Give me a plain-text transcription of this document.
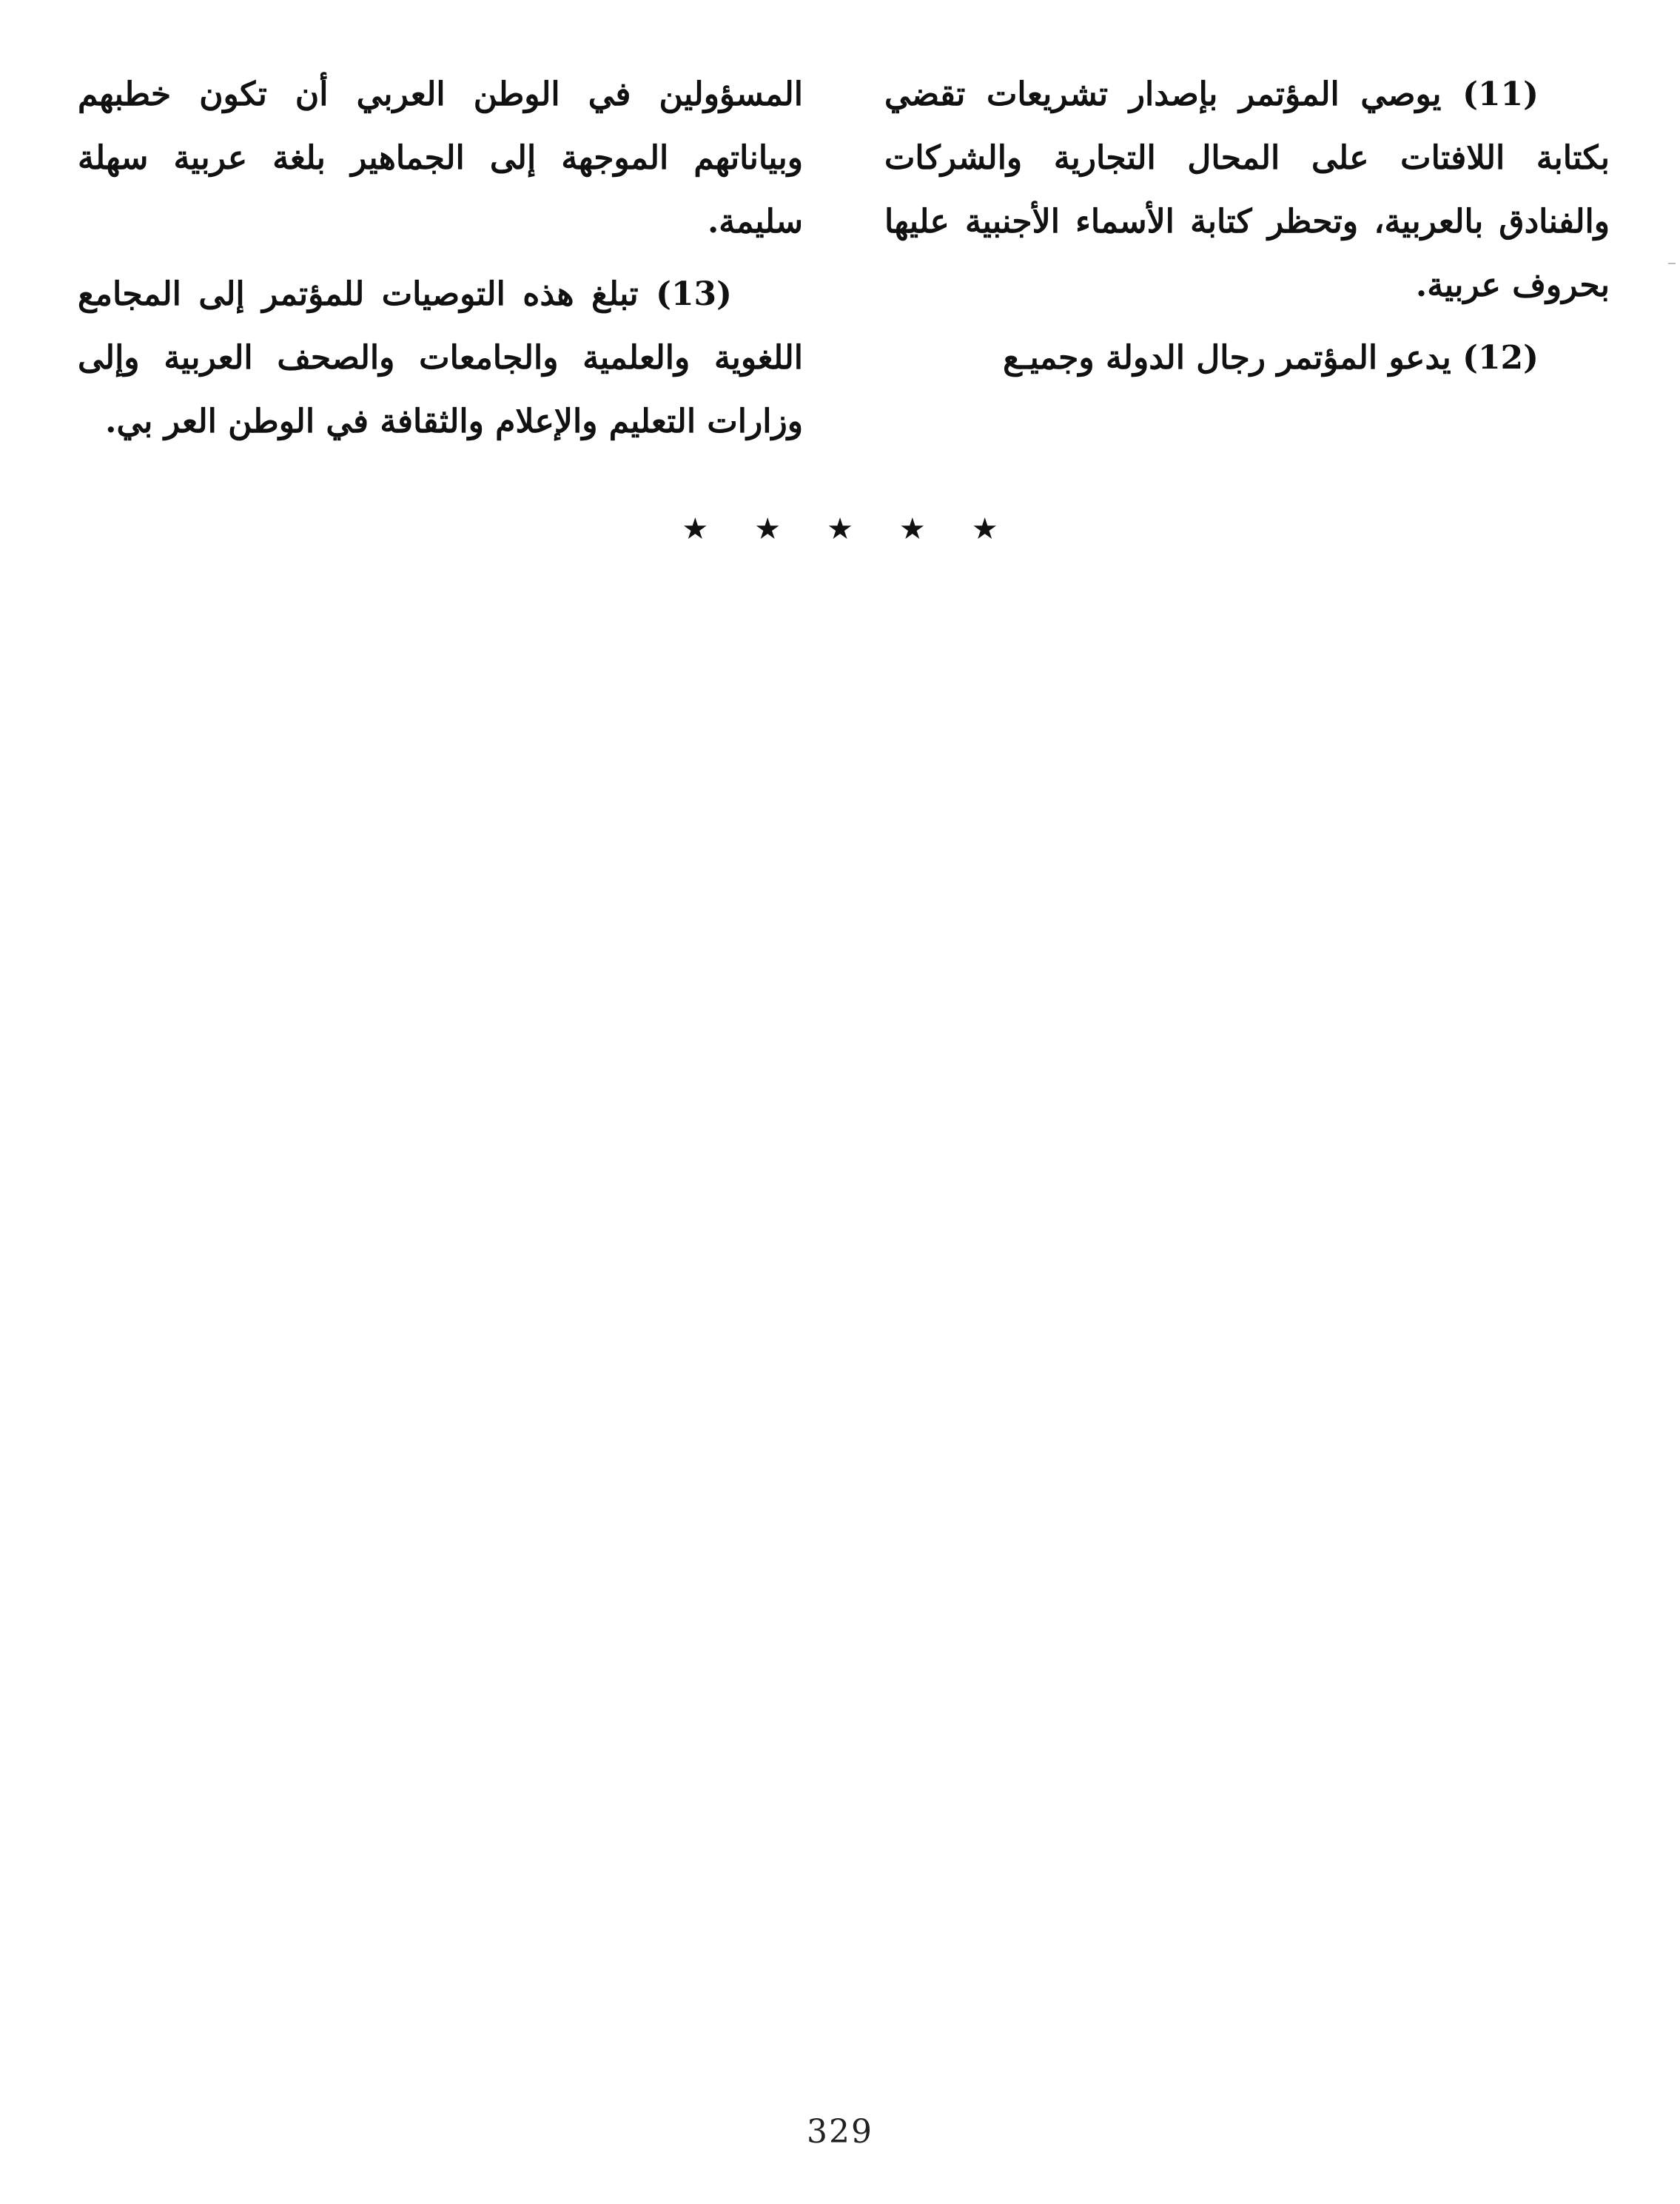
(11) يوصي المؤتمر بإصدار تشريعات تقضي بكتابة اللافتات على المحال التجارية والشركات والفنادق بالعربية، وتحظر كتابة الأسماء الأجنبية عليها بحروف عربية.

(12) يدعو المؤتمر رجال الدولة وجميـع

المسؤولين في الوطن العربي أن تكون خطبهم وبياناتهم الموجهة إلى الجماهير بلغة عربية سهلة سليمة.

(13) تبلغ هذه التوصيات للمؤتمر إلى المجامع اللغوية والعلمية والجامعات والصحف العربية وإلى وزارات التعليم والإعلام والثقافة في الوطن العر بي.

★★★★★
329
